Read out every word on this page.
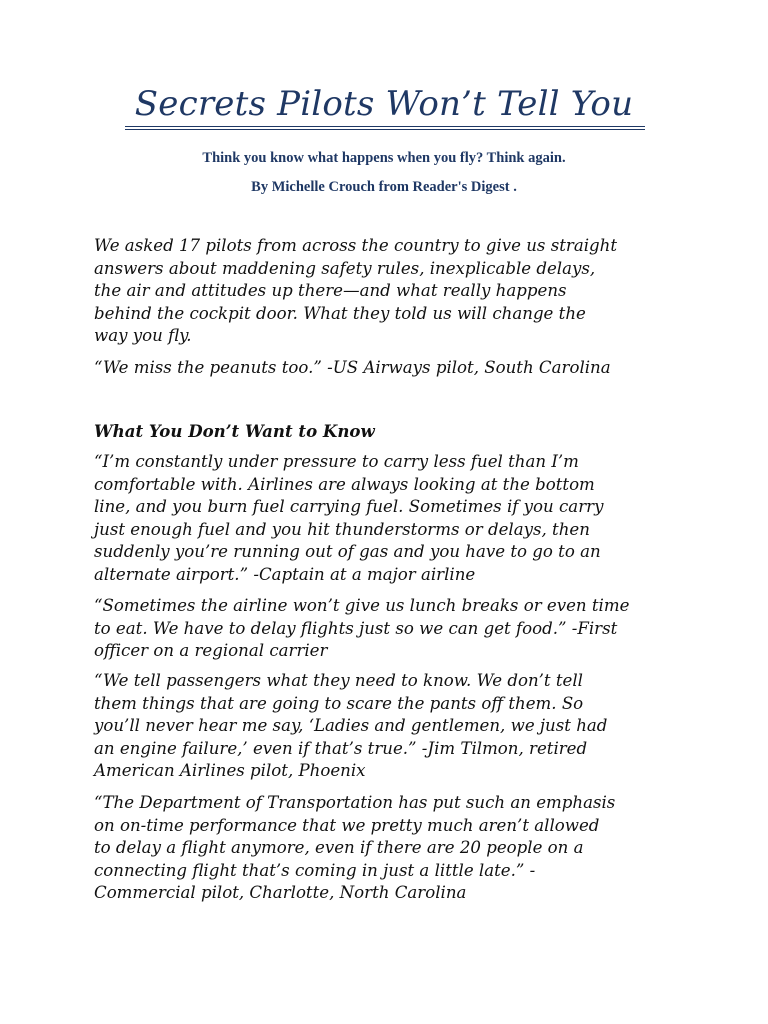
Secrets Pilots Won’t Tell You
Think you know what happens when you fly? Think again.
By Michelle Crouch from Reader's Digest .

We asked 17 pilots from across the country to give us straight
answers about maddening safety rules, inexplicable delays,
the air and attitudes up there—and what really happens
behind the cockpit door. What they told us will change the
way you fly.

“We miss the peanuts too.” -US Airways pilot, South Carolina

What You Don’t Want to Know

“I’m constantly under pressure to carry less fuel than I’m
comfortable with. Airlines are always looking at the bottom
line, and you burn fuel carrying fuel. Sometimes if you carry
just enough fuel and you hit thunderstorms or delays, then
suddenly you’re running out of gas and you have to go to an
alternate airport.” -Captain at a major airline

“Sometimes the airline won’t give us lunch breaks or even time
to eat. We have to delay flights just so we can get food.” -First
officer on a regional carrier

“We tell passengers what they need to know. We don’t tell
them things that are going to scare the pants off them. So
you’ll never hear me say, ‘Ladies and gentlemen, we just had
an engine failure,’ even if that’s true.” -Jim Tilmon, retired
American Airlines pilot, Phoenix

“The Department of Transportation has put such an emphasis
on on-time performance that we pretty much aren’t allowed
to delay a flight anymore, even if there are 20 people on a
connecting flight that’s coming in just a little late.” -
Commercial pilot, Charlotte, North Carolina
